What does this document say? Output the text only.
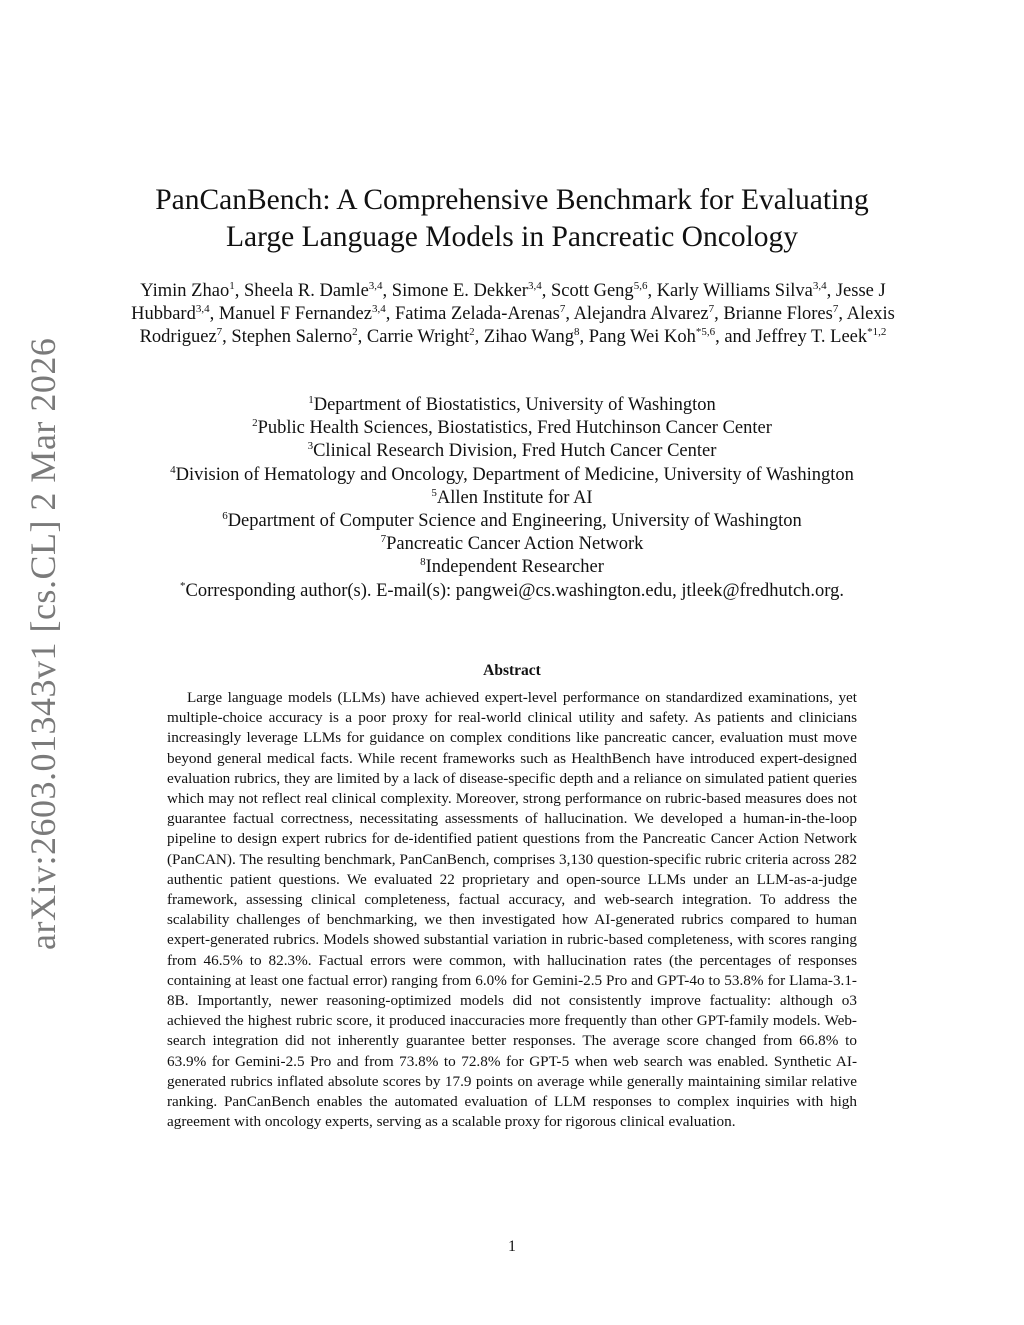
arXiv:2603.01343v1 [cs.CL] 2 Mar 2026
PanCanBench: A Comprehensive Benchmark for Evaluating
Large Language Models in Pancreatic Oncology
Yimin Zhao$^1$, Sheela R. Damle$^{3,4}$, Simone E. Dekker$^{3,4}$, Scott Geng$^{5,6}$, Karly Williams Silva$^{3,4}$, Jesse J Hubbard$^{3,4}$, Manuel F Fernandez$^{3,4}$, Fatima Zelada-Arenas$^7$, Alejandra Alvarez$^7$, Brianne Flores$^7$, Alexis Rodriguez$^7$, Stephen Salerno$^2$, Carrie Wright$^2$, Zihao Wang$^8$, Pang Wei Koh$^{*5,6}$, and Jeffrey T. Leek$^{*1,2}$
$^1$Department of Biostatistics, University of Washington
$^2$Public Health Sciences, Biostatistics, Fred Hutchinson Cancer Center
$^3$Clinical Research Division, Fred Hutch Cancer Center
$^4$Division of Hematology and Oncology, Department of Medicine, University of Washington
$^5$Allen Institute for AI
$^6$Department of Computer Science and Engineering, University of Washington
$^7$Pancreatic Cancer Action Network
$^8$Independent Researcher
*Corresponding author(s). E-mail(s): pangwei@cs.washington.edu, jtleek@fredhutch.org.
Abstract
Large language models (LLMs) have achieved expert-level performance on standardized examinations, yet multiple-choice accuracy is a poor proxy for real-world clinical utility and safety. As patients and clinicians increasingly leverage LLMs for guidance on complex conditions like pancreatic cancer, evaluation must move beyond general medical facts. While recent frameworks such as HealthBench have introduced expert-designed evaluation rubrics, they are limited by a lack of disease-specific depth and a reliance on simulated patient queries which may not reflect real clinical complexity. Moreover, strong performance on rubric-based measures does not guarantee factual correctness, necessitating assessments of hallucination. We developed a human-in-the-loop pipeline to design expert rubrics for de-identified patient questions from the Pancreatic Cancer Action Network (PanCAN). The resulting benchmark, PanCanBench, comprises 3,130 question-specific rubric criteria across 282 authentic patient questions. We evaluated 22 proprietary and open-source LLMs under an LLM-as-a-judge framework, assessing clinical completeness, factual accuracy, and web-search integration. To address the scalability challenges of benchmarking, we then investigated how AI-generated rubrics compared to human expert-generated rubrics. Models showed substantial variation in rubric-based completeness, with scores ranging from 46.5% to 82.3%. Factual errors were common, with hallucination rates (the percentages of responses containing at least one factual error) ranging from 6.0% for Gemini-2.5 Pro and GPT-4o to 53.8% for Llama-3.1-8B. Importantly, newer reasoning-optimized models did not consistently improve factuality: although o3 achieved the highest rubric score, it produced inaccuracies more frequently than other GPT-family models. Web-search integration did not inherently guarantee better responses. The average score changed from 66.8% to 63.9% for Gemini-2.5 Pro and from 73.8% to 72.8% for GPT-5 when web search was enabled. Synthetic AI-generated rubrics inflated absolute scores by 17.9 points on average while generally maintaining similar relative ranking. PanCanBench enables the automated evaluation of LLM responses to complex inquiries with high agreement with oncology experts, serving as a scalable proxy for rigorous clinical evaluation.
1
